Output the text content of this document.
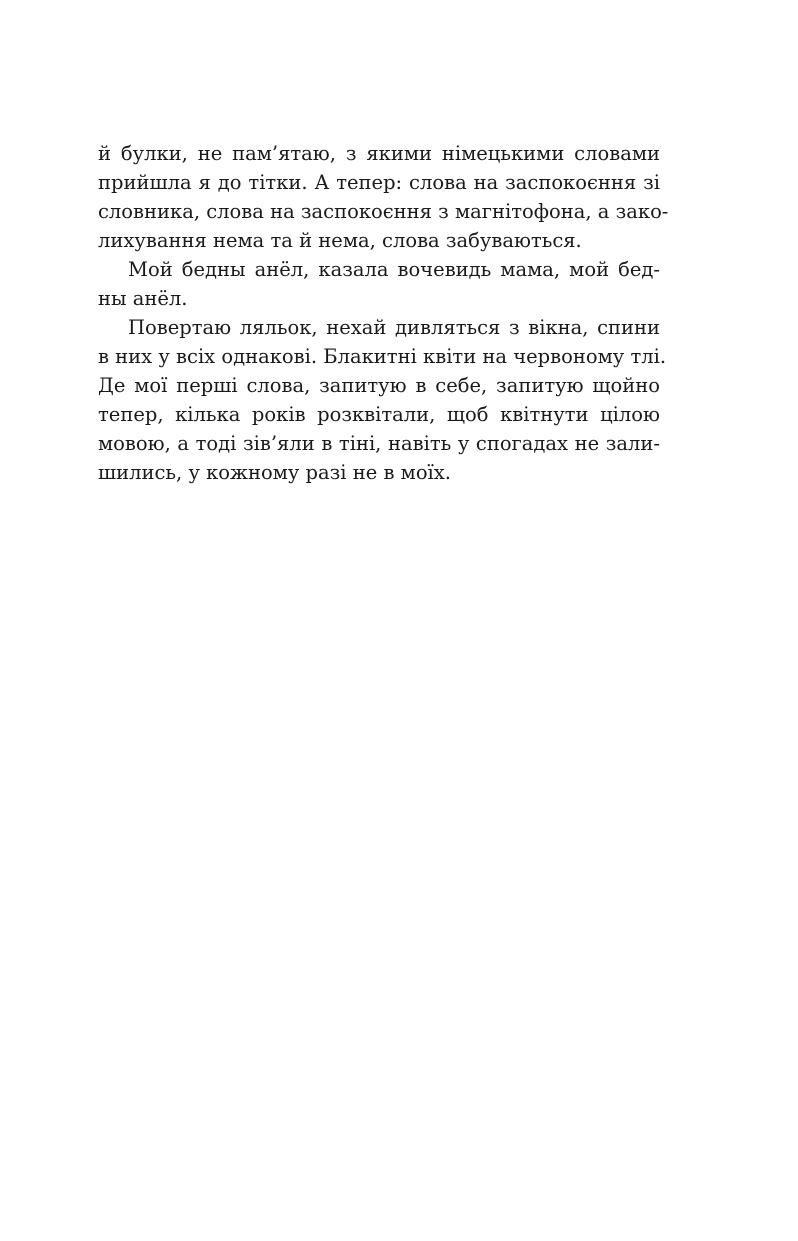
й булки, не пам’ятаю, з якими німецькими словами
прийшла я до тітки. А тепер: слова на заспокоєння зі
словника, слова на заспокоєння з магнітофона, а зако-
лихування нема та й нема, слова забуваються.
Мой бедны анёл, казала вочевидь мама, мой бед-
ны анёл.
Повертаю ляльок, нехай дивляться з вікна, спини
в них у всіх однакові. Блакитні квіти на червоному тлі.
Де мої перші слова, запитую в себе, запитую щойно
тепер, кілька років розквітали, щоб квітнути цілою
мовою, а тоді зів’яли в тіні, навіть у спогадах не зали-
шились, у кожному разі не в моїх.
